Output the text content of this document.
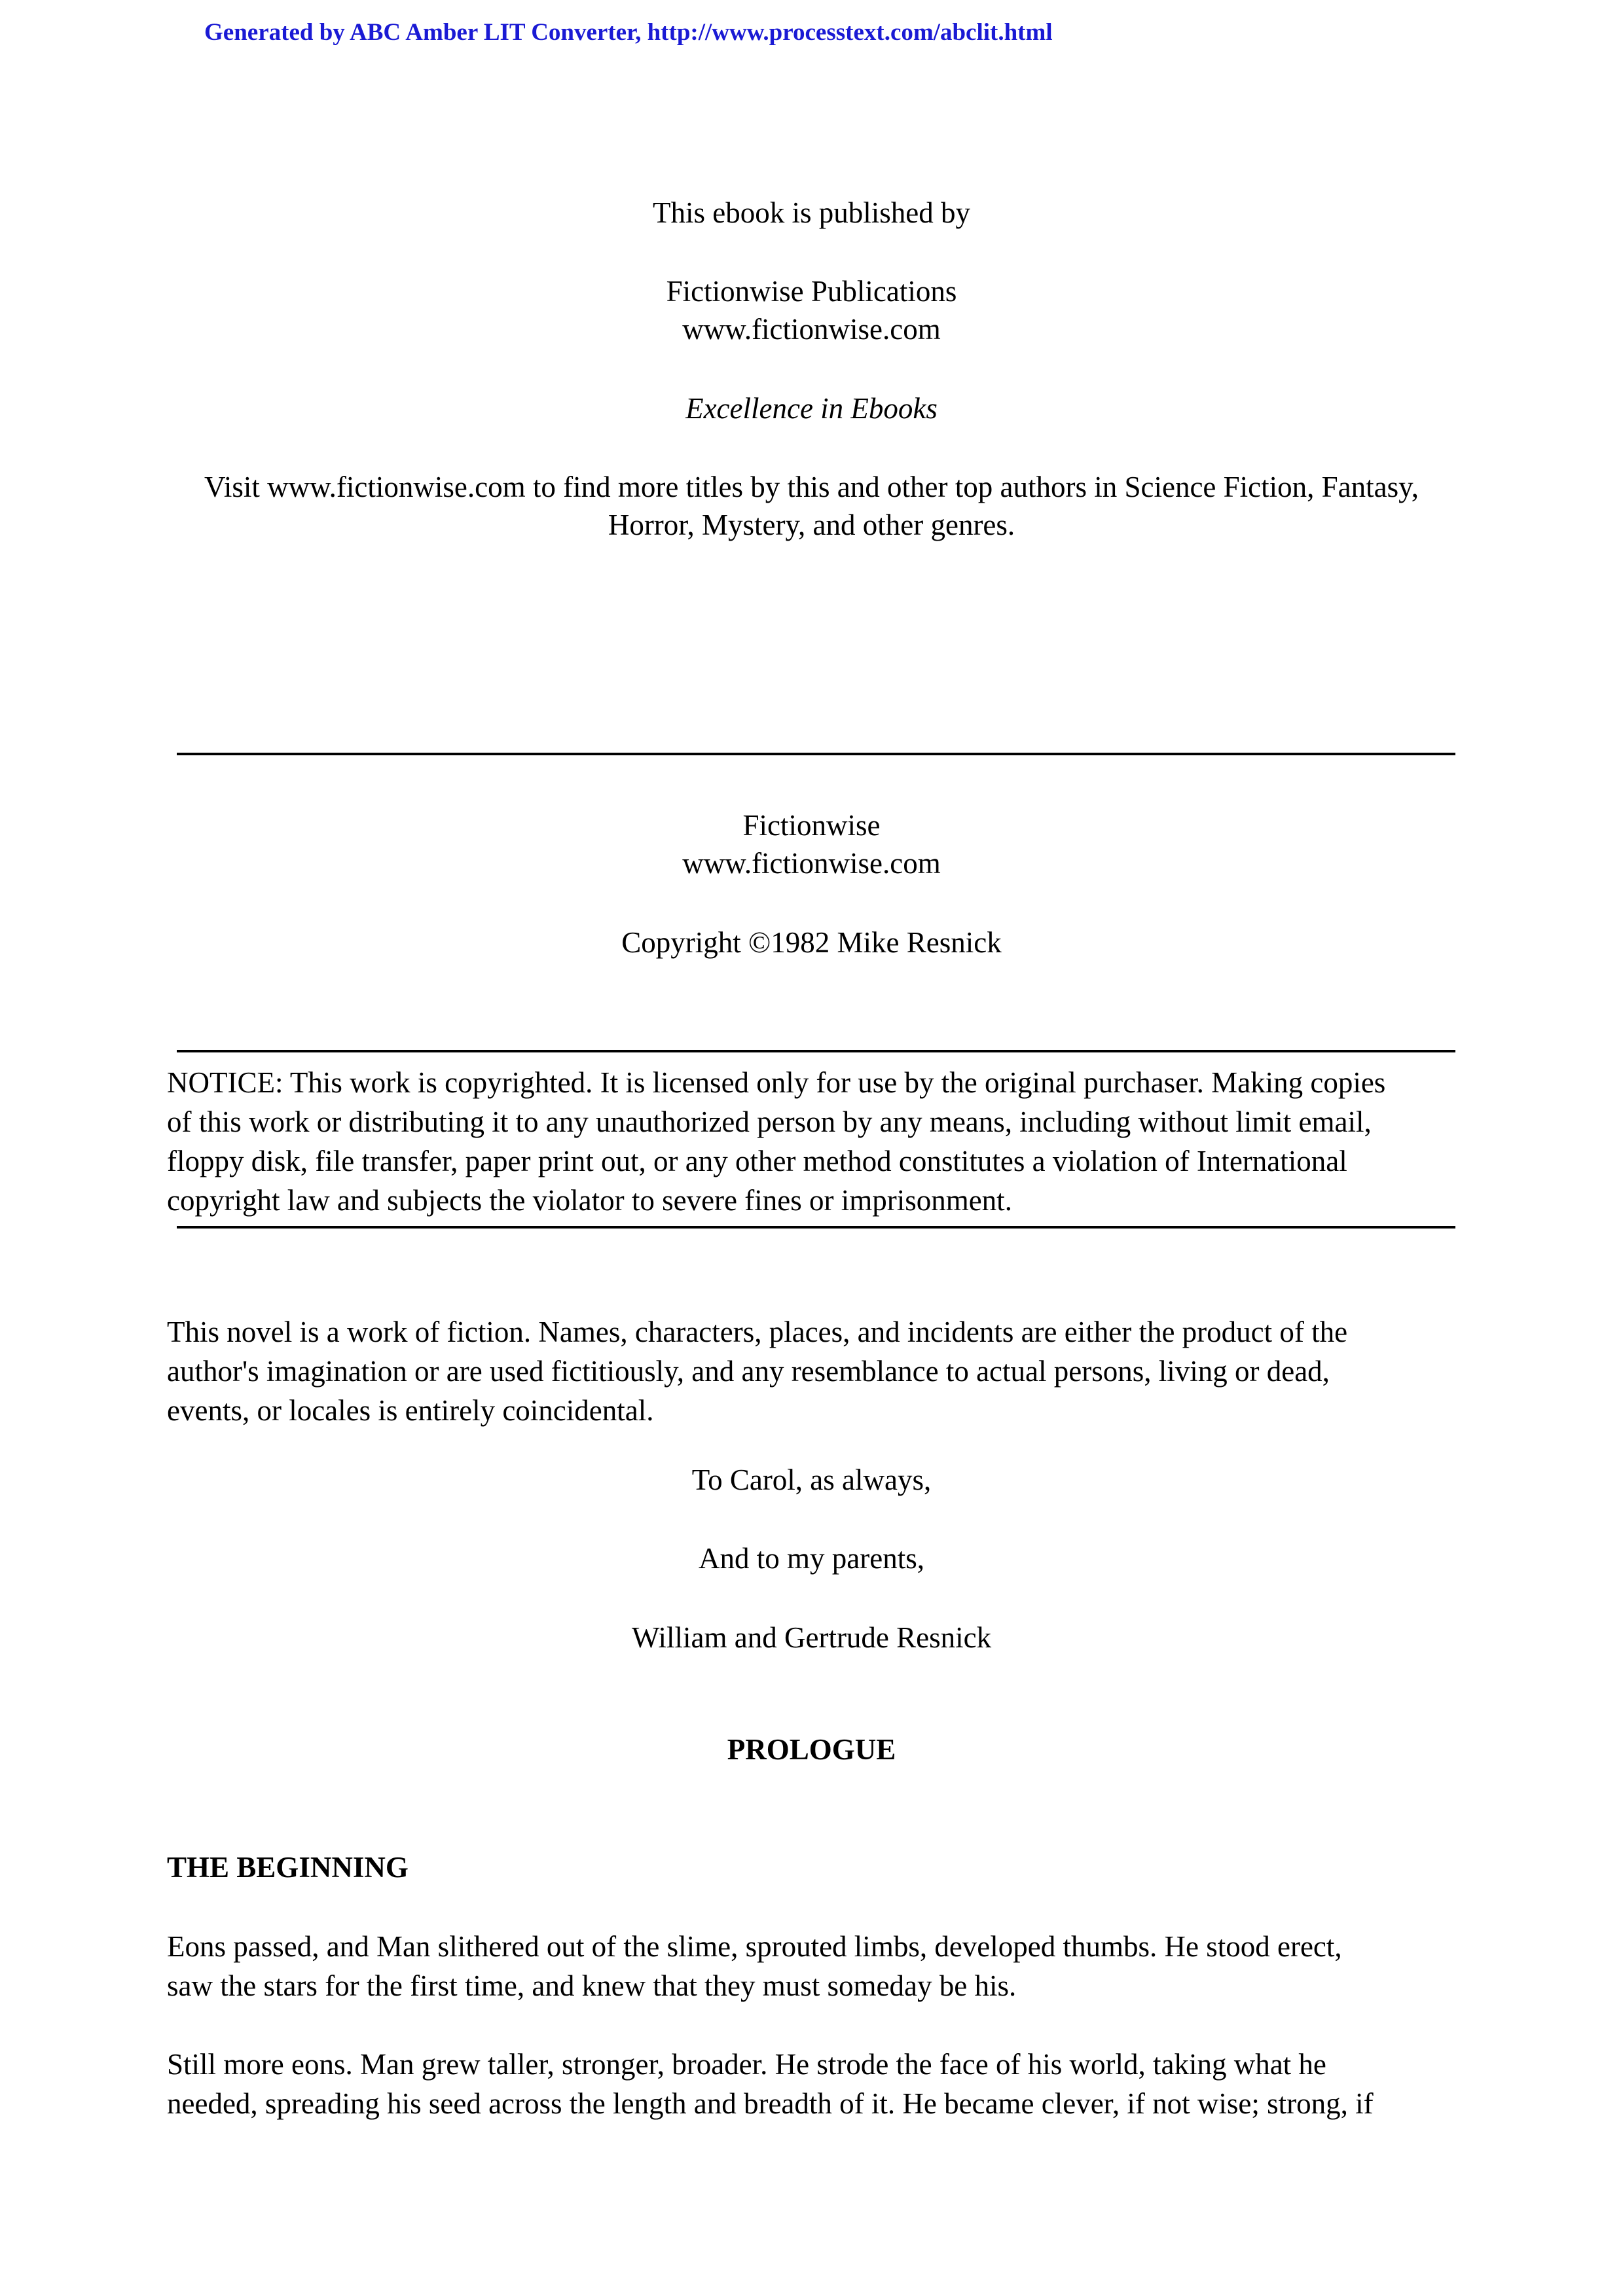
Generated by ABC Amber LIT Converter, http://www.processtext.com/abclit.html
This ebook is published by
Fictionwise Publications
www.fictionwise.com
Excellence in Ebooks
Visit www.fictionwise.com to find more titles by this and other top authors in Science Fiction, Fantasy,
Horror, Mystery, and other genres.
Fictionwise
www.fictionwise.com
Copyright ©1982 Mike Resnick
NOTICE: This work is copyrighted. It is licensed only for use by the original purchaser. Making copies
of this work or distributing it to any unauthorized person by any means, including without limit email,
floppy disk, file transfer, paper print out, or any other method constitutes a violation of International
copyright law and subjects the violator to severe fines or imprisonment.
This novel is a work of fiction. Names, characters, places, and incidents are either the product of the
author's imagination or are used fictitiously, and any resemblance to actual persons, living or dead,
events, or locales is entirely coincidental.
To Carol, as always,
And to my parents,
William and Gertrude Resnick
PROLOGUE
THE BEGINNING
Eons passed, and Man slithered out of the slime, sprouted limbs, developed thumbs. He stood erect,
saw the stars for the first time, and knew that they must someday be his.
Still more eons. Man grew taller, stronger, broader. He strode the face of his world, taking what he
needed, spreading his seed across the length and breadth of it. He became clever, if not wise; strong, if
